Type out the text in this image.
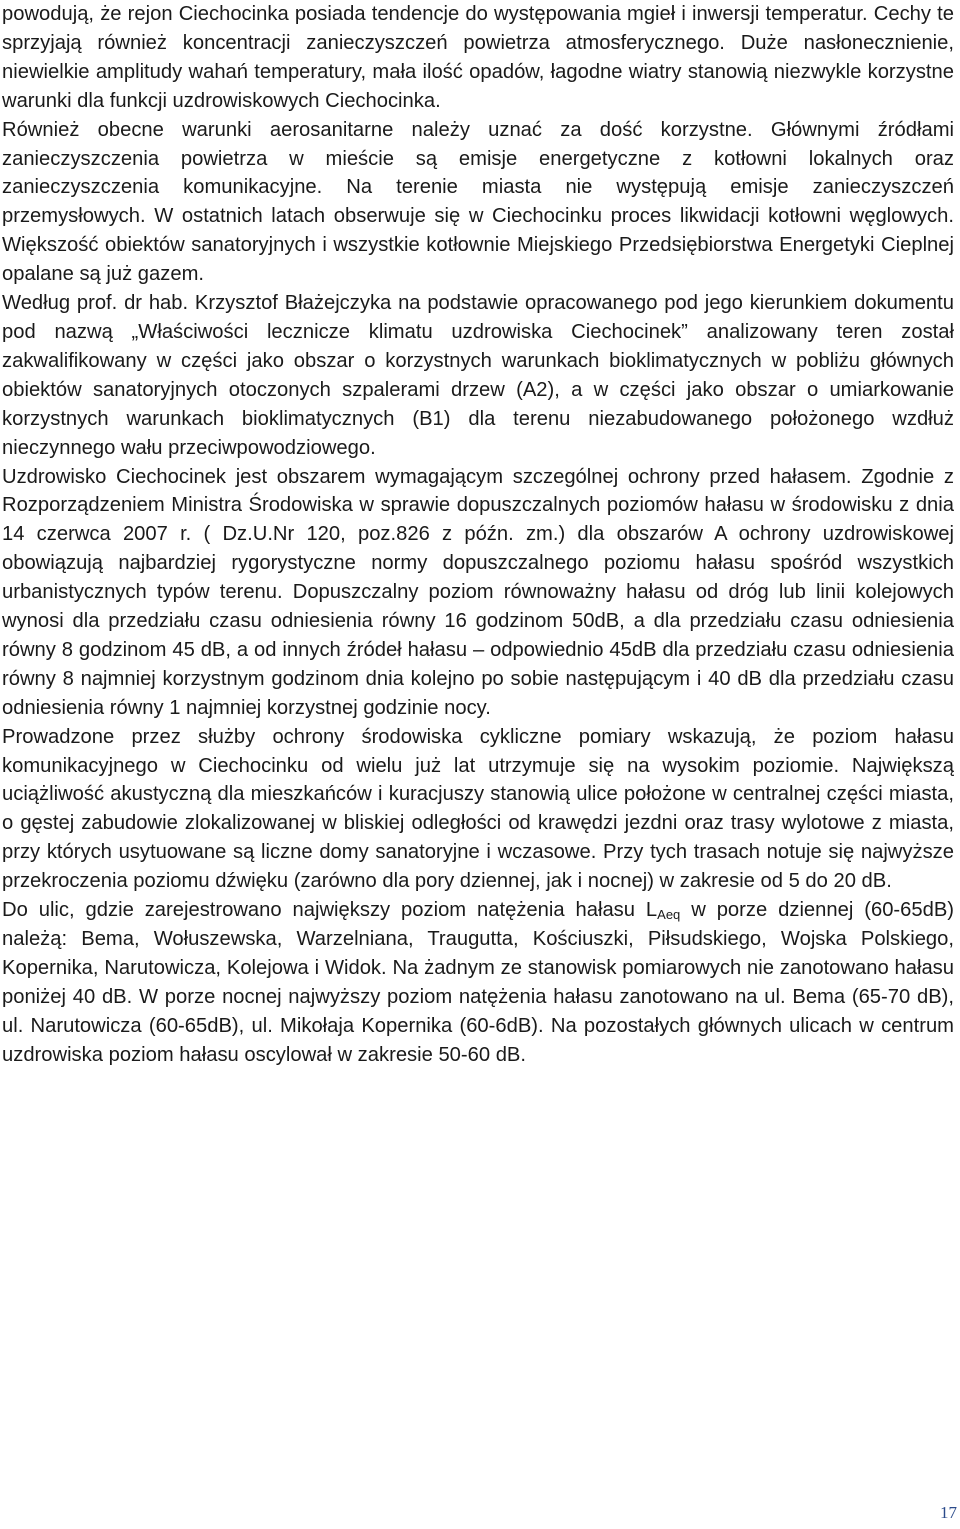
powodują, że rejon Ciechocinka posiada tendencje do występowania mgieł i inwersji temperatur. Cechy te sprzyjają również koncentracji zanieczyszczeń powietrza atmosferycznego. Duże nasłonecznienie, niewielkie amplitudy wahań temperatury, mała ilość opadów, łagodne wiatry stanowią niezwykle korzystne warunki dla funkcji uzdrowiskowych Ciechocinka.

Również obecne warunki aerosanitarne należy uznać za dość korzystne. Głównymi źródłami zanieczyszczenia powietrza w mieście są emisje energetyczne z kotłowni lokalnych oraz zanieczyszczenia komunikacyjne. Na terenie miasta nie występują emisje zanieczyszczeń przemysłowych. W ostatnich latach obserwuje się w Ciechocinku proces likwidacji kotłowni węglowych. Większość obiektów sanatoryjnych i wszystkie kotłownie Miejskiego Przedsiębiorstwa Energetyki Cieplnej opalane są już gazem.

Według prof. dr hab. Krzysztof Błażejczyka na podstawie opracowanego pod jego kierunkiem dokumentu pod nazwą „Właściwości lecznicze klimatu uzdrowiska Ciechocinek” analizowany teren został zakwalifikowany w części jako obszar o korzystnych warunkach bioklimatycznych w pobliżu głównych obiektów sanatoryjnych otoczonych szpalerami drzew (A2), a w części jako obszar o umiarkowanie korzystnych warunkach bioklimatycznych (B1) dla terenu niezabudowanego położonego wzdłuż nieczynnego wału przeciwpowodziowego.

Uzdrowisko Ciechocinek jest obszarem wymagającym szczególnej ochrony przed hałasem. Zgodnie z Rozporządzeniem Ministra Środowiska w sprawie dopuszczalnych poziomów hałasu w środowisku z dnia 14 czerwca 2007 r. ( Dz.U.Nr 120, poz.826 z późn. zm.) dla obszarów A ochrony uzdrowiskowej obowiązują najbardziej rygorystyczne normy dopuszczalnego poziomu hałasu spośród wszystkich urbanistycznych typów terenu. Dopuszczalny poziom równoważny hałasu od dróg lub linii kolejowych wynosi dla przedziału czasu odniesienia równy 16 godzinom 50dB, a dla przedziału czasu odniesienia równy 8 godzinom 45 dB, a od innych źródeł hałasu – odpowiednio 45dB dla przedziału czasu odniesienia równy 8 najmniej korzystnym godzinom dnia kolejno po sobie następującym i 40 dB dla przedziału czasu odniesienia równy 1 najmniej korzystnej godzinie nocy.

Prowadzone przez służby ochrony środowiska cykliczne pomiary wskazują, że poziom hałasu komunikacyjnego w Ciechocinku od wielu już lat utrzymuje się na wysokim poziomie. Największą uciążliwość akustyczną dla mieszkańców i kuracjuszy stanowią ulice położone w centralnej części miasta, o gęstej zabudowie zlokalizowanej w bliskiej odległości od krawędzi jezdni oraz trasy wylotowe z miasta, przy których usytuowane są liczne domy sanatoryjne i wczasowe. Przy tych trasach notuje się najwyższe przekroczenia poziomu dźwięku (zarówno dla pory dziennej, jak i nocnej) w zakresie od 5 do 20 dB.

Do ulic, gdzie zarejestrowano największy poziom natężenia hałasu $L_{Aeq}$ w porze dziennej (60-65dB) należą: Bema, Wołuszewska, Warzelniana, Traugutta, Kościuszki, Piłsudskiego, Wojska Polskiego, Kopernika, Narutowicza, Kolejowa i Widok. Na żadnym ze stanowisk pomiarowych nie zanotowano hałasu poniżej 40 dB. W porze nocnej najwyższy poziom natężenia hałasu zanotowano na ul. Bema (65-70 dB), ul. Narutowicza (60-65dB), ul. Mikołaja Kopernika (60-6dB). Na pozostałych głównych ulicach w centrum uzdrowiska poziom hałasu oscylował w zakresie 50-60 dB.

17
